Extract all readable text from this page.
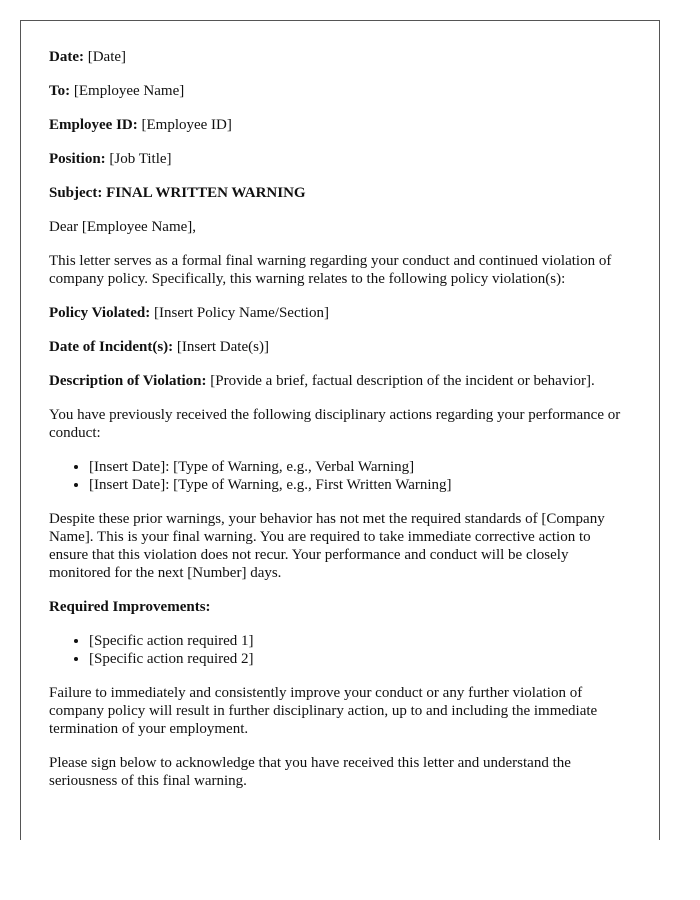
Date: [Date]

To: [Employee Name]

Employee ID: [Employee ID]

Position: [Job Title]

Subject: FINAL WRITTEN WARNING

Dear [Employee Name],

This letter serves as a formal final warning regarding your conduct and continued violation of company policy. Specifically, this warning relates to the following policy violation(s):

Policy Violated: [Insert Policy Name/Section]

Date of Incident(s): [Insert Date(s)]

Description of Violation: [Provide a brief, factual description of the incident or behavior].

You have previously received the following disciplinary actions regarding your performance or conduct:

• [Insert Date]: [Type of Warning, e.g., Verbal Warning]
• [Insert Date]: [Type of Warning, e.g., First Written Warning]

Despite these prior warnings, your behavior has not met the required standards of [Company Name]. This is your final warning. You are required to take immediate corrective action to ensure that this violation does not recur. Your performance and conduct will be closely monitored for the next [Number] days.

Required Improvements:

• [Specific action required 1]
• [Specific action required 2]

Failure to immediately and consistently improve your conduct or any further violation of company policy will result in further disciplinary action, up to and including the immediate termination of your employment.

Please sign below to acknowledge that you have received this letter and understand the seriousness of this final warning.
